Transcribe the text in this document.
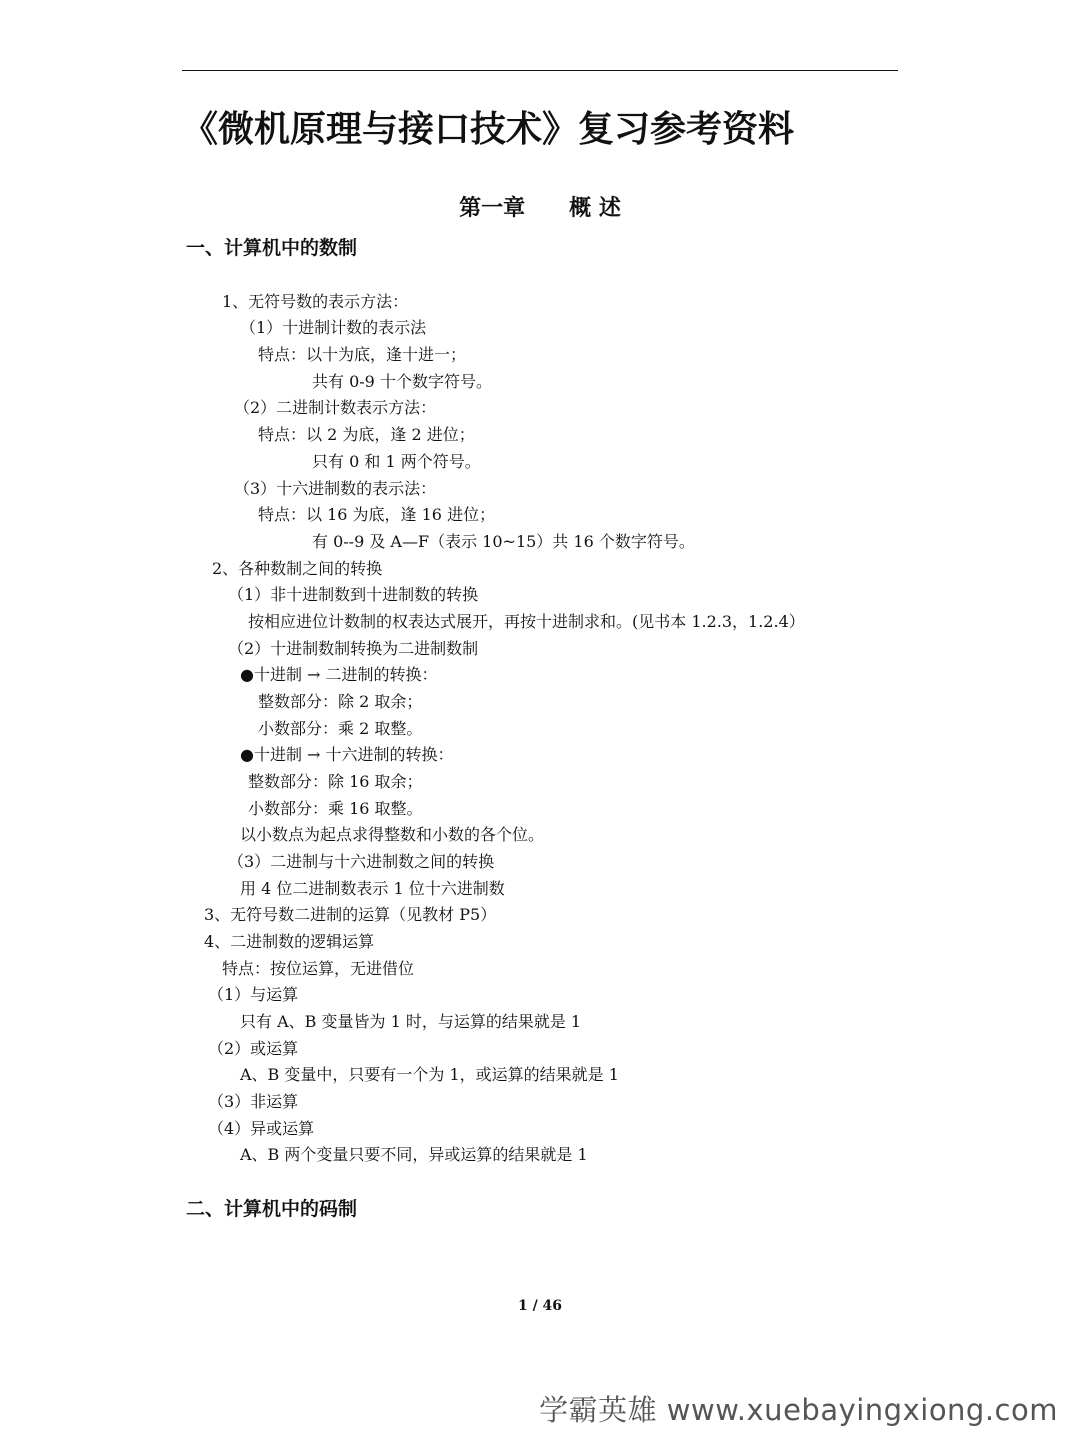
《微机原理与接口技术》复习参考资料
第一章　　概 述
一、计算机中的数制
1、无符号数的表示方法：
（1）十进制计数的表示法
特点：以十为底，逢十进一；
共有 0-9 十个数字符号。
（2）二进制计数表示方法：
特点：以 2 为底，逢 2 进位；
只有 0 和 1 两个符号。
（3）十六进制数的表示法：
特点：以 16 为底，逢 16 进位；
有 0--9 及 A—F（表示 10~15）共 16 个数字符号。
2、各种数制之间的转换
（1）非十进制数到十进制数的转换
按相应进位计数制的权表达式展开，再按十进制求和。(见书本 1.2.3，1.2.4）
（2）十进制数制转换为二进制数制
●十进制 → 二进制的转换：
整数部分：除 2 取余；
小数部分：乘 2 取整。
●十进制 → 十六进制的转换：
整数部分：除 16 取余；
小数部分：乘 16 取整。
以小数点为起点求得整数和小数的各个位。
（3）二进制与十六进制数之间的转换
用 4 位二进制数表示 1 位十六进制数
3、无符号数二进制的运算（见教材 P5）
4、二进制数的逻辑运算
特点：按位运算，无进借位
（1）与运算
只有 A、B 变量皆为 1 时，与运算的结果就是 1
（2）或运算
A、B 变量中，只要有一个为 1，或运算的结果就是 1
（3）非运算
（4）异或运算
A、B 两个变量只要不同，异或运算的结果就是 1
二、计算机中的码制
1 / 46
学霸英雄 www.xuebayingxiong.com
